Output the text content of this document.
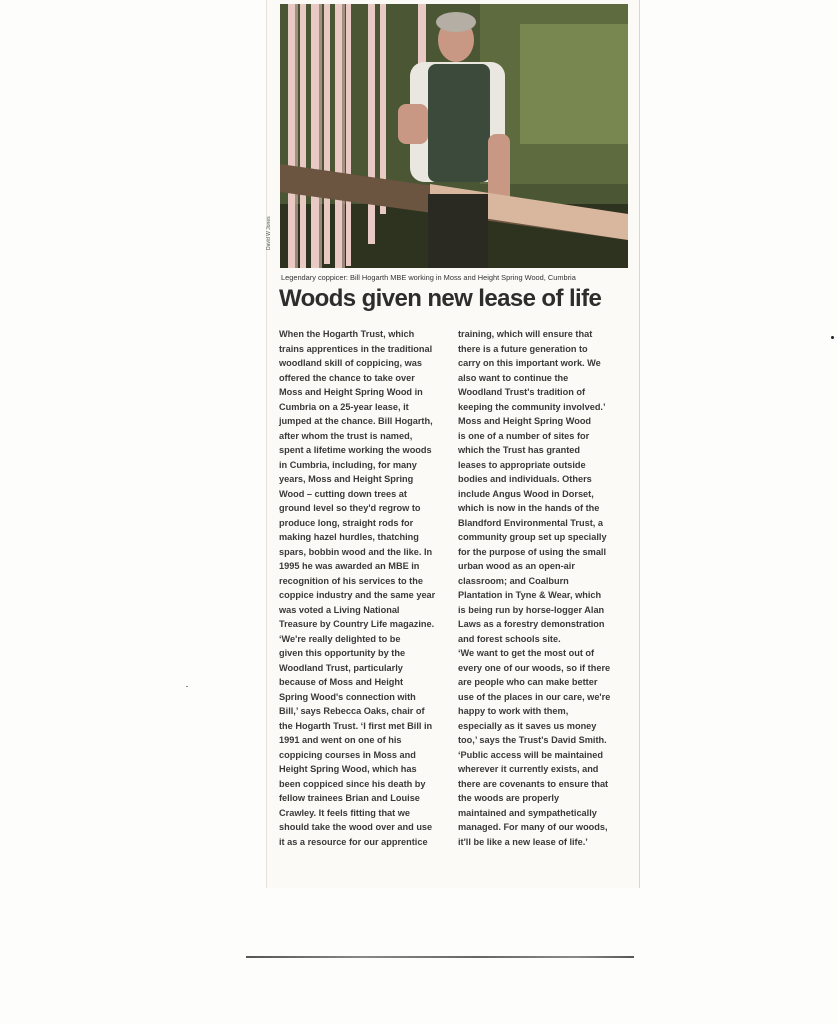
David W Jones
Legendary coppicer: Bill Hogarth MBE working in Moss and Height Spring Wood, Cumbria
Woods given new lease of life
When the Hogarth Trust, which
trains apprentices in the traditional
woodland skill of coppicing, was
offered the chance to take over
Moss and Height Spring Wood in
Cumbria on a 25-year lease, it
jumped at the chance. Bill Hogarth,
after whom the trust is named,
spent a lifetime working the woods
in Cumbria, including, for many
years, Moss and Height Spring
Wood – cutting down trees at
ground level so they'd regrow to
produce long, straight rods for
making hazel hurdles, thatching
spars, bobbin wood and the like. In
1995 he was awarded an MBE in
recognition of his services to the
coppice industry and the same year
was voted a Living National
Treasure by Country Life magazine.
‘We're really delighted to be
given this opportunity by the
Woodland Trust, particularly
because of Moss and Height
Spring Wood's connection with
Bill,’ says Rebecca Oaks, chair of
the Hogarth Trust. ‘I first met Bill in
1991 and went on one of his
coppicing courses in Moss and
Height Spring Wood, which has
been coppiced since his death by
fellow trainees Brian and Louise
Crawley. It feels fitting that we
should take the wood over and use
it as a resource for our apprentice
training, which will ensure that
there is a future generation to
carry on this important work. We
also want to continue the
Woodland Trust's tradition of
keeping the community involved.’
Moss and Height Spring Wood
is one of a number of sites for
which the Trust has granted
leases to appropriate outside
bodies and individuals. Others
include Angus Wood in Dorset,
which is now in the hands of the
Blandford Environmental Trust, a
community group set up specially
for the purpose of using the small
urban wood as an open-air
classroom; and Coalburn
Plantation in Tyne & Wear, which
is being run by horse-logger Alan
Laws as a forestry demonstration
and forest schools site.
‘We want to get the most out of
every one of our woods, so if there
are people who can make better
use of the places in our care, we're
happy to work with them,
especially as it saves us money
too,’ says the Trust's David Smith.
‘Public access will be maintained
wherever it currently exists, and
there are covenants to ensure that
the woods are properly
maintained and sympathetically
managed. For many of our woods,
it'll be like a new lease of life.’
